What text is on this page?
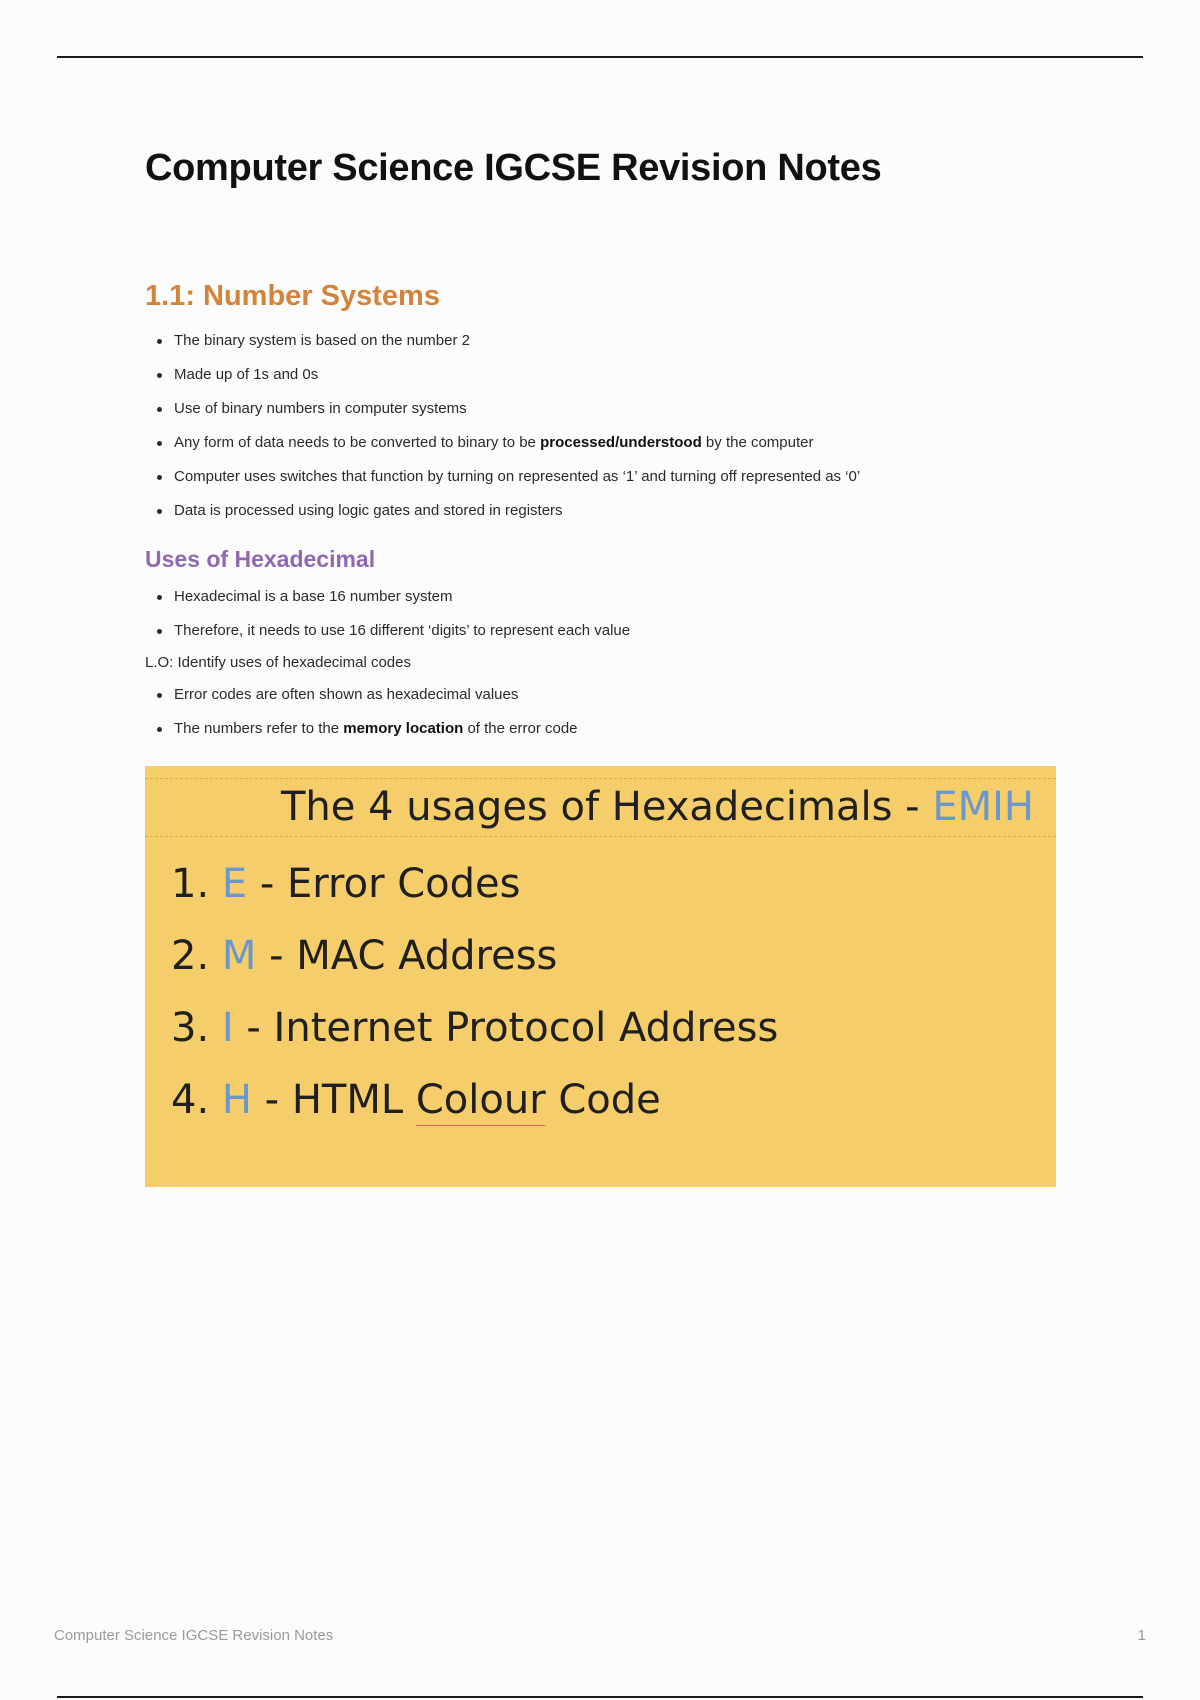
Computer Science IGCSE Revision Notes
1.1: Number Systems
The binary system is based on the number 2
Made up of 1s and 0s
Use of binary numbers in computer systems
Any form of data needs to be converted to binary to be processed/understood by the computer
Computer uses switches that function by turning on represented as ‘1’ and turning off represented as ‘0’
Data is processed using logic gates and stored in registers
Uses of Hexadecimal
Hexadecimal is a base 16 number system
Therefore, it needs to use 16 different ‘digits’ to represent each value

L.O: Identify uses of hexadecimal codes

Error codes are often shown as hexadecimal values
The numbers refer to the memory location of the error code
The 4 usages of Hexadecimals - EMIH
1. E - Error Codes
2. M - MAC Address
3. I - Internet Protocol Address
4. H - HTML Colour Code
Computer Science IGCSE Revision Notes	1
